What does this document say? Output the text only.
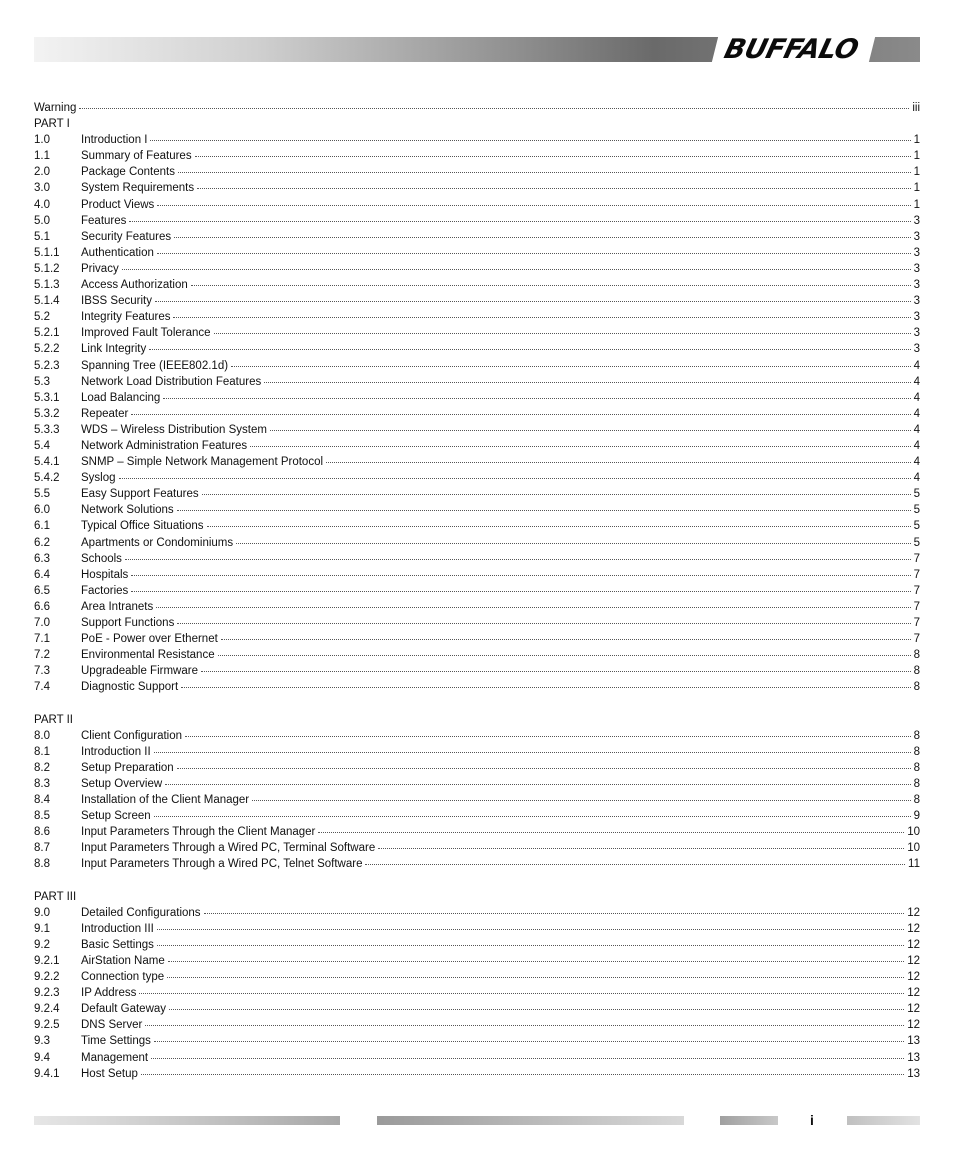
BUFFALO
Warning	iii
PART I
1.0	Introduction I	1
1.1	Summary of Features	1
2.0	Package Contents	1
3.0	System Requirements	1
4.0	Product Views	1
5.0	Features	3
5.1	Security Features	3
5.1.1	Authentication	3
5.1.2	Privacy	3
5.1.3	Access Authorization	3
5.1.4	IBSS Security	3
5.2	Integrity Features	3
5.2.1	Improved Fault Tolerance	3
5.2.2	Link Integrity	3
5.2.3	Spanning Tree (IEEE802.1d)	4
5.3	Network Load Distribution Features	4
5.3.1	Load Balancing	4
5.3.2	Repeater	4
5.3.3	WDS – Wireless Distribution System	4
5.4	Network Administration Features	4
5.4.1	SNMP – Simple Network Management Protocol	4
5.4.2	Syslog	4
5.5	Easy Support Features	5
6.0	Network Solutions	5
6.1	Typical Office Situations	5
6.2	Apartments or Condominiums	5
6.3	Schools	7
6.4	Hospitals	7
6.5	Factories	7
6.6	Area Intranets	7
7.0	Support Functions	7
7.1	PoE - Power over Ethernet	7
7.2	Environmental Resistance	8
7.3	Upgradeable Firmware	8
7.4	Diagnostic Support	8
PART II
8.0	Client Configuration	8
8.1	Introduction II	8
8.2	Setup Preparation	8
8.3	Setup Overview	8
8.4	Installation of the Client Manager	8
8.5	Setup Screen	9
8.6	Input Parameters Through the Client Manager	10
8.7	Input Parameters Through a Wired PC, Terminal Software	10
8.8	Input Parameters Through a Wired PC, Telnet Software	11
PART III
9.0	Detailed Configurations	12
9.1	Introduction III	12
9.2	Basic Settings	12
9.2.1	AirStation Name	12
9.2.2	Connection type	12
9.2.3	IP Address	12
9.2.4	Default Gateway	12
9.2.5	DNS Server	12
9.3	Time Settings	13
9.4	Management	13
9.4.1	Host Setup	13
i
